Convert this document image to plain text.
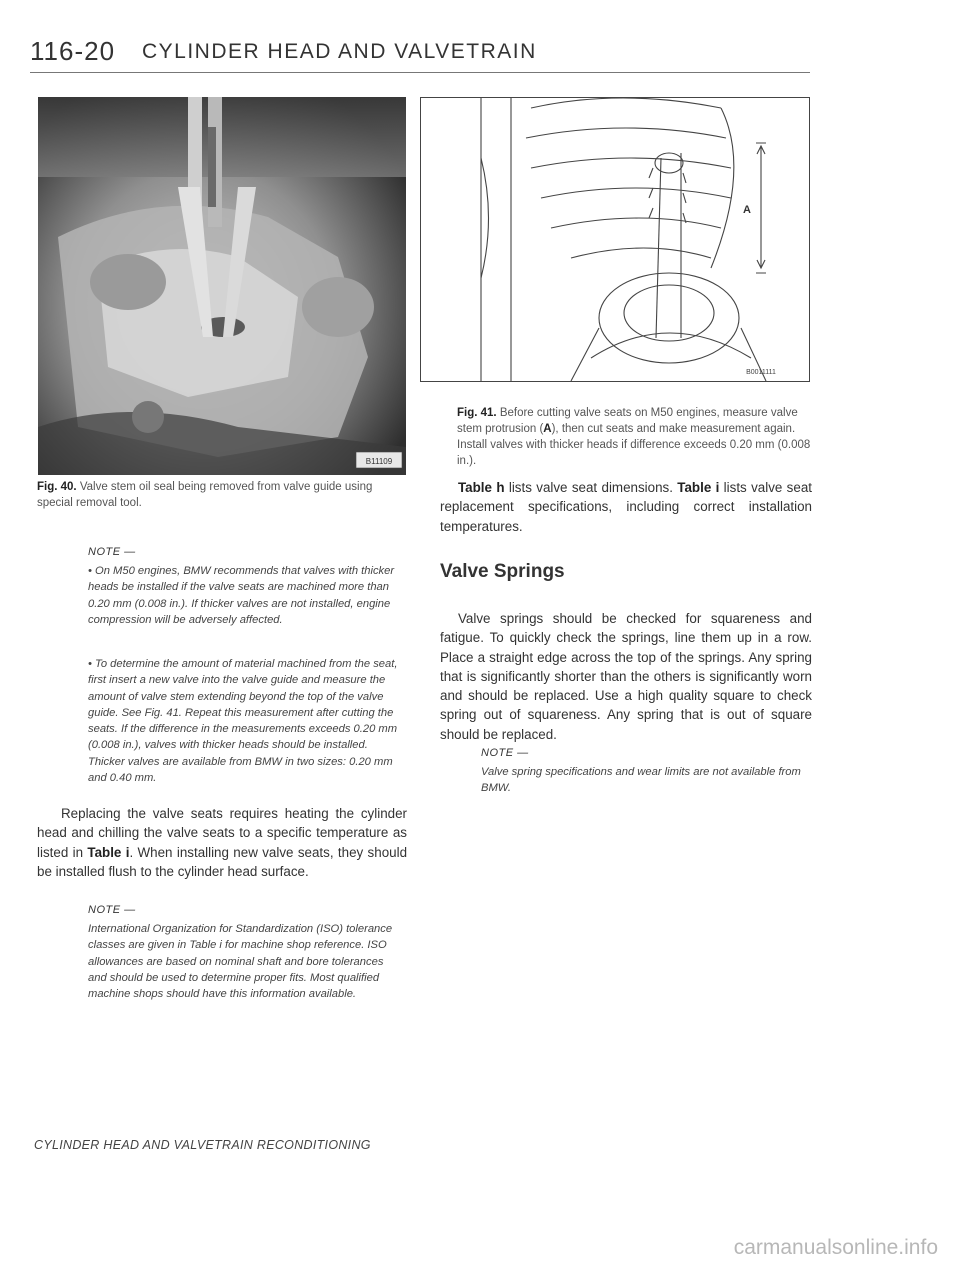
116-20 CYLINDER HEAD AND VALVETRAIN
B11109
A
B0011111
Fig. 41. Before cutting valve seats on M50 engines, measure valve stem protrusion (A), then cut seats and make measurement again. Install valves with thicker heads if difference exceeds 0.20 mm (0.008 in.).
Fig. 40. Valve stem oil seal being removed from valve guide using special removal tool.
NOTE —

• On M50 engines, BMW recommends that valves with thicker heads be installed if the valve seats are machined more than 0.20 mm (0.008 in.). If thicker valves are not installed, engine compression will be adversely affected.

• To determine the amount of material machined from the seat, first insert a new valve into the valve guide and measure the amount of valve stem extending beyond the top of the valve guide. See Fig. 41. Repeat this measurement after cutting the seats. If the difference in the measurements exceeds 0.20 mm (0.008 in.), valves with thicker heads should be installed. Thicker valves are available from BMW in two sizes: 0.20 mm and 0.40 mm.

Replacing the valve seats requires heating the cylinder head and chilling the valve seats to a specific temperature as listed in Table i. When installing new valve seats, they should be installed flush to the cylinder head surface.

NOTE —

International Organization for Standardization (ISO) tolerance classes are given in Table i for machine shop reference. ISO allowances are based on nominal shaft and bore tolerances and should be used to determine proper fits. Most qualified machine shops should have this information available.

Table h lists valve seat dimensions. Table i lists valve seat replacement specifications, including correct installation temperatures.

Valve Springs

Valve springs should be checked for squareness and fatigue. To quickly check the springs, line them up in a row. Place a straight edge across the top of the springs. Any spring that is significantly shorter than the others is significantly worn and should be replaced. Use a high quality square to check spring out of squareness. Any spring that is out of square should be replaced.

NOTE —

Valve spring specifications and wear limits are not available from BMW.

CYLINDER HEAD AND VALVETRAIN RECONDITIONING
carmanualsonline.info
